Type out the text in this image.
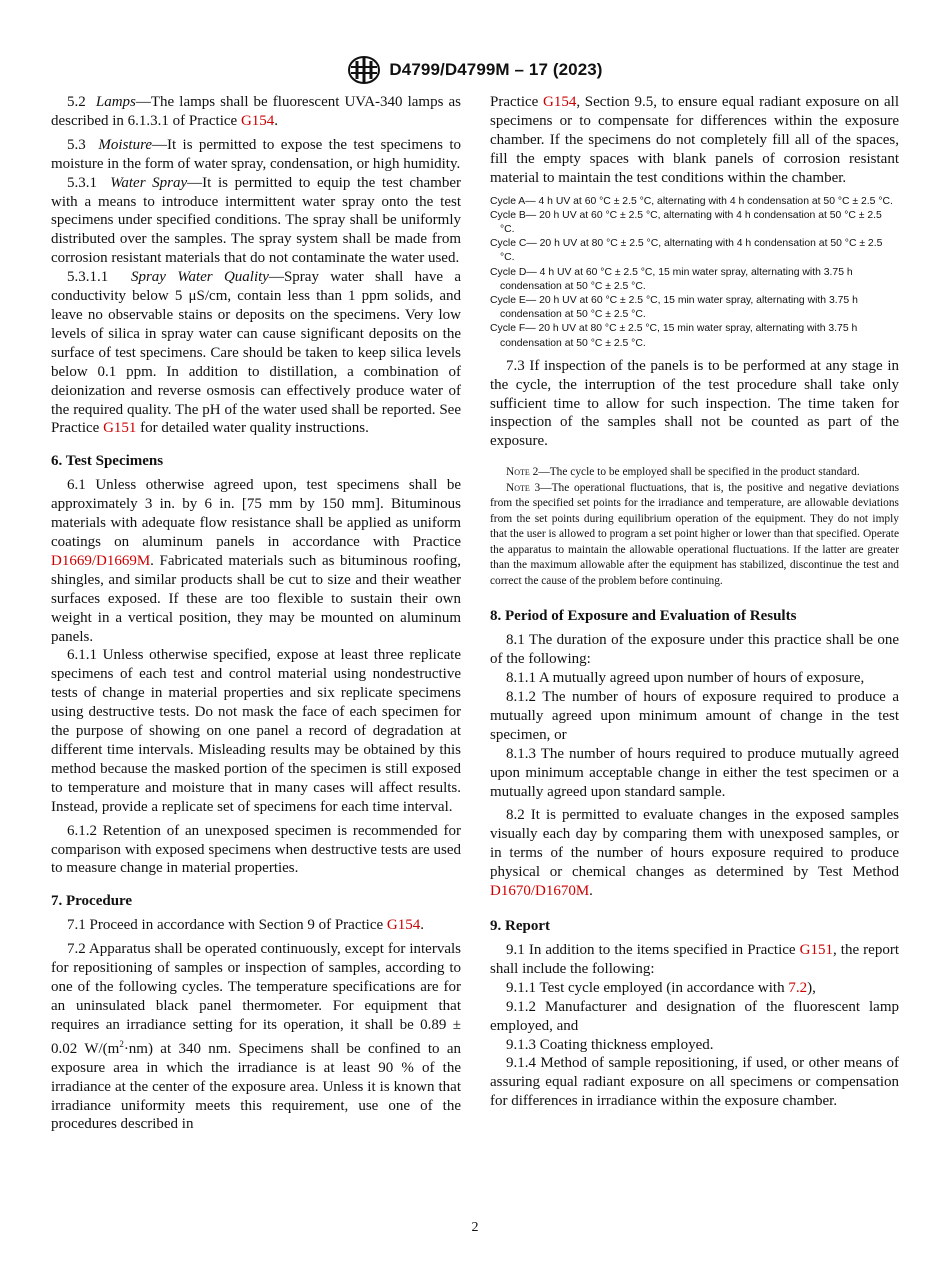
D4799/D4799M – 17 (2023)

5.2 Lamps—The lamps shall be fluorescent UVA-340 lamps as described in 6.1.3.1 of Practice G154.

5.3 Moisture—It is permitted to expose the test specimens to moisture in the form of water spray, condensation, or high humidity.

5.3.1 Water Spray—It is permitted to equip the test chamber with a means to introduce intermittent water spray onto the test specimens under specified conditions. The spray shall be uniformly distributed over the samples. The spray system shall be made from corrosion resistant materials that do not contaminate the water used.

5.3.1.1 Spray Water Quality—Spray water shall have a conductivity below 5 μS/cm, contain less than 1 ppm solids, and leave no observable stains or deposits on the specimens. Very low levels of silica in spray water can cause significant deposits on the surface of test specimens. Care should be taken to keep silica levels below 0.1 ppm. In addition to distillation, a combination of deionization and reverse osmosis can effectively produce water of the required quality. The pH of the water used shall be reported. See Practice G151 for detailed water quality instructions.

6. Test Specimens

6.1 Unless otherwise agreed upon, test specimens shall be approximately 3 in. by 6 in. [75 mm by 150 mm]. Bituminous materials with adequate flow resistance shall be applied as uniform coatings on aluminum panels in accordance with Practice D1669/D1669M. Fabricated materials such as bituminous roofing, shingles, and similar products shall be cut to size and their weather surfaces exposed. If these are too flexible to sustain their own weight in a vertical position, they may be mounted on aluminum panels.

6.1.1 Unless otherwise specified, expose at least three replicate specimens of each test and control material using nondestructive tests of change in material properties and six replicate specimens using destructive tests. Do not mask the face of each specimen for the purpose of showing on one panel a record of degradation at different time intervals. Misleading results may be obtained by this method because the masked portion of the specimen is still exposed to temperature and moisture that in many cases will affect results. Instead, provide a replicate set of specimens for each time interval.

6.1.2 Retention of an unexposed specimen is recommended for comparison with exposed specimens when destructive tests are used to measure change in material properties.

7. Procedure

7.1 Proceed in accordance with Section 9 of Practice G154.

7.2 Apparatus shall be operated continuously, except for intervals for repositioning of samples or inspection of samples, according to one of the following cycles. The temperature specifications are for an uninsulated black panel thermometer. For equipment that requires an irradiance setting for its operation, it shall be 0.89 ± 0.02 $W/(m^2\cdot nm)$ at 340 nm. Specimens shall be confined to an exposure area in which the irradiance is at least 90 % of the irradiance at the center of the exposure area. Unless it is known that irradiance uniformity meets this requirement, use one of the procedures described in

Practice G154, Section 9.5, to ensure equal radiant exposure on all specimens or to compensate for differences within the exposure chamber. If the specimens do not completely fill all of the spaces, fill the empty spaces with blank panels of corrosion resistant material to maintain the test conditions within the chamber.

Cycle A— 4 h UV at 60 °C ± 2.5 °C, alternating with 4 h condensation at 50 °C ± 2.5 °C.
Cycle B— 20 h UV at 60 °C ± 2.5 °C, alternating with 4 h condensation at 50 °C ± 2.5 °C.
Cycle C— 20 h UV at 80 °C ± 2.5 °C, alternating with 4 h condensation at 50 °C ± 2.5 °C.
Cycle D— 4 h UV at 60 °C ± 2.5 °C, 15 min water spray, alternating with 3.75 h condensation at 50 °C ± 2.5 °C.
Cycle E— 20 h UV at 60 °C ± 2.5 °C, 15 min water spray, alternating with 3.75 h condensation at 50 °C ± 2.5 °C.
Cycle F— 20 h UV at 80 °C ± 2.5 °C, 15 min water spray, alternating with 3.75 h condensation at 50 °C ± 2.5 °C.

7.3 If inspection of the panels is to be performed at any stage in the cycle, the interruption of the test procedure shall take only sufficient time to allow for such inspection. The time taken for inspection of the samples shall not be counted as part of the exposure.

Note 2—The cycle to be employed shall be specified in the product standard.

Note 3—The operational fluctuations, that is, the positive and negative deviations from the specified set points for the irradiance and temperature, are allowable deviations from the set points during equilibrium operation of the equipment. They do not imply that the user is allowed to program a set point higher or lower than that specified. Operate the apparatus to maintain the allowable operational fluctuations. If the latter are greater than the maximum allowable after the equipment has stabilized, discontinue the test and correct the cause of the problem before continuing.

8. Period of Exposure and Evaluation of Results

8.1 The duration of the exposure under this practice shall be one of the following:

8.1.1 A mutually agreed upon number of hours of exposure,

8.1.2 The number of hours of exposure required to produce a mutually agreed upon minimum amount of change in the test specimen, or

8.1.3 The number of hours required to produce mutually agreed upon minimum acceptable change in either the test specimen or a mutually agreed upon standard sample.

8.2 It is permitted to evaluate changes in the exposed samples visually each day by comparing them with unexposed samples, or in terms of the number of hours exposure required to produce physical or chemical changes as determined by Test Method D1670/D1670M.

9. Report

9.1 In addition to the items specified in Practice G151, the report shall include the following:

9.1.1 Test cycle employed (in accordance with 7.2),

9.1.2 Manufacturer and designation of the fluorescent lamp employed, and

9.1.3 Coating thickness employed.

9.1.4 Method of sample repositioning, if used, or other means of assuring equal radiant exposure on all specimens or compensation for differences in irradiance within the exposure chamber.

2
